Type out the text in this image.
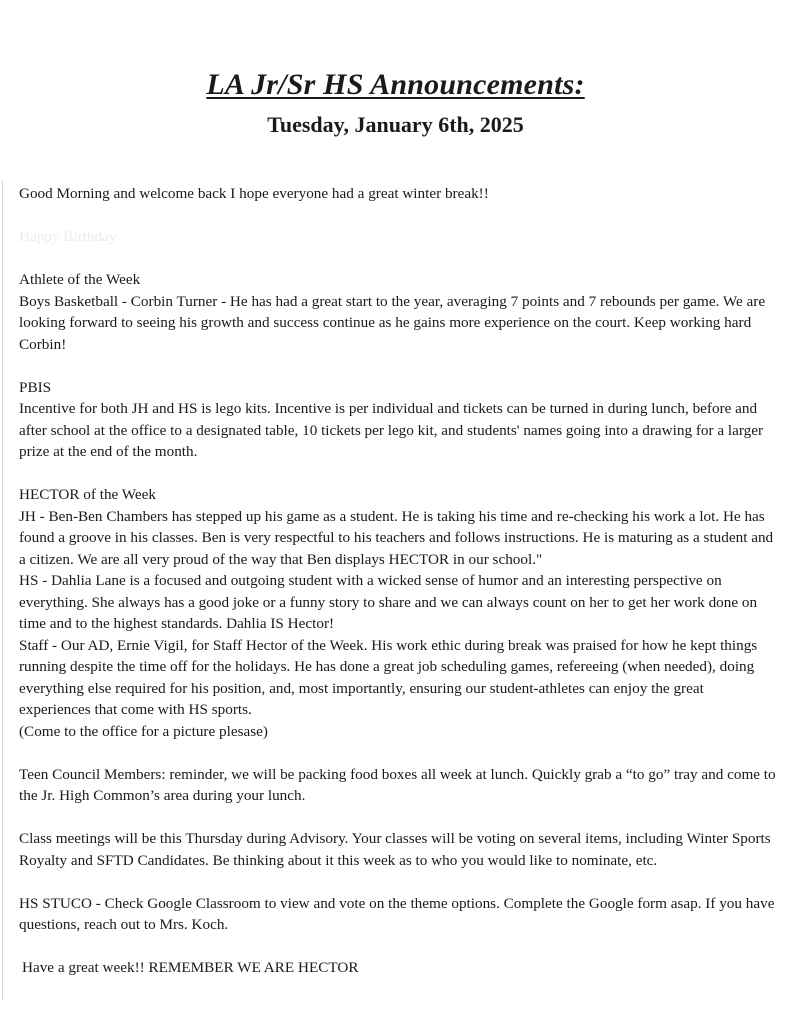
LA Jr/Sr HS Announcements:
Tuesday, January 6th, 2025

Good Morning and welcome back I hope everyone had a great winter break!!

Happy Birthday

Athlete of the Week

Boys Basketball - Corbin Turner - He has had a great start to the year, averaging 7 points and 7 rebounds per game. We are looking forward to seeing his growth and success continue as he gains more experience on the court. Keep working hard Corbin!

PBIS

Incentive for both JH and HS is lego kits. Incentive is per individual and tickets can be turned in during lunch, before and after school at the office to a designated table, 10 tickets per lego kit, and students' names going into a drawing for a larger prize at the end of the month.

HECTOR of the Week

JH - Ben-Ben Chambers has stepped up his game as a student. He is taking his time and re-checking his work a lot. He has found a groove in his classes. Ben is very respectful to his teachers and follows instructions. He is maturing as a student and a citizen. We are all very proud of the way that Ben displays HECTOR in our school."

HS - Dahlia Lane is a focused and outgoing student with a wicked sense of humor and an interesting perspective on everything. She always has a good joke or a funny story to share and we can always count on her to get her work done on time and to the highest standards. Dahlia IS Hector!

Staff - Our AD, Ernie Vigil, for Staff Hector of the Week. His work ethic during break was praised for how he kept things running despite the time off for the holidays. He has done a great job scheduling games, refereeing (when needed), doing everything else required for his position, and, most importantly, ensuring our student-athletes can enjoy the great experiences that come with HS sports.

(Come to the office for a picture plesase)

Teen Council Members: reminder, we will be packing food boxes all week at lunch. Quickly grab a “to go” tray and come to the Jr. High Common’s area during your lunch.

Class meetings will be this Thursday during Advisory. Your classes will be voting on several items, including Winter Sports Royalty and SFTD Candidates. Be thinking about it this week as to who you would like to nominate, etc.

HS STUCO - Check Google Classroom to view and vote on the theme options. Complete the Google form asap. If you have questions, reach out to Mrs. Koch.

Have a great week!! REMEMBER WE ARE HECTOR
